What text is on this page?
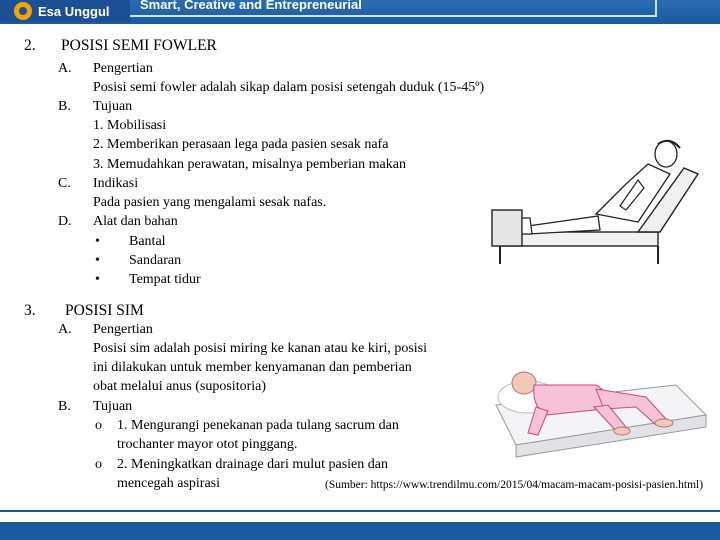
Esa Unggul Smart, Creative and Entrepreneurial
2. POSISI SEMI FOWLER
A. Pengertian
Posisi semi fowler adalah sikap dalam posisi setengah duduk (15-45º)
B. Tujuan
1. Mobilisasi
2. Memberikan perasaan lega pada pasien sesak nafa
3. Memudahkan perawatan, misalnya pemberian makan
C. Indikasi
Pada pasien yang mengalami sesak nafas.
D. Alat dan bahan
• Bantal
• Sandaran
• Tempat tidur
3. POSISI SIM
A. Pengertian
Posisi sim adalah posisi miring ke kanan atau ke kiri, posisi
ini dilakukan untuk member kenyamanan dan pemberian
obat melalui anus (supositoria)
B. Tujuan
o 1. Mengurangi penekanan pada tulang sacrum dan
trochanter mayor otot pinggang.
o 2. Meningkatkan drainage dari mulut pasien dan
mencegah aspirasi	(Sumber: https://www.trendilmu.com/2015/04/macam-macam-posisi-pasien.html)
